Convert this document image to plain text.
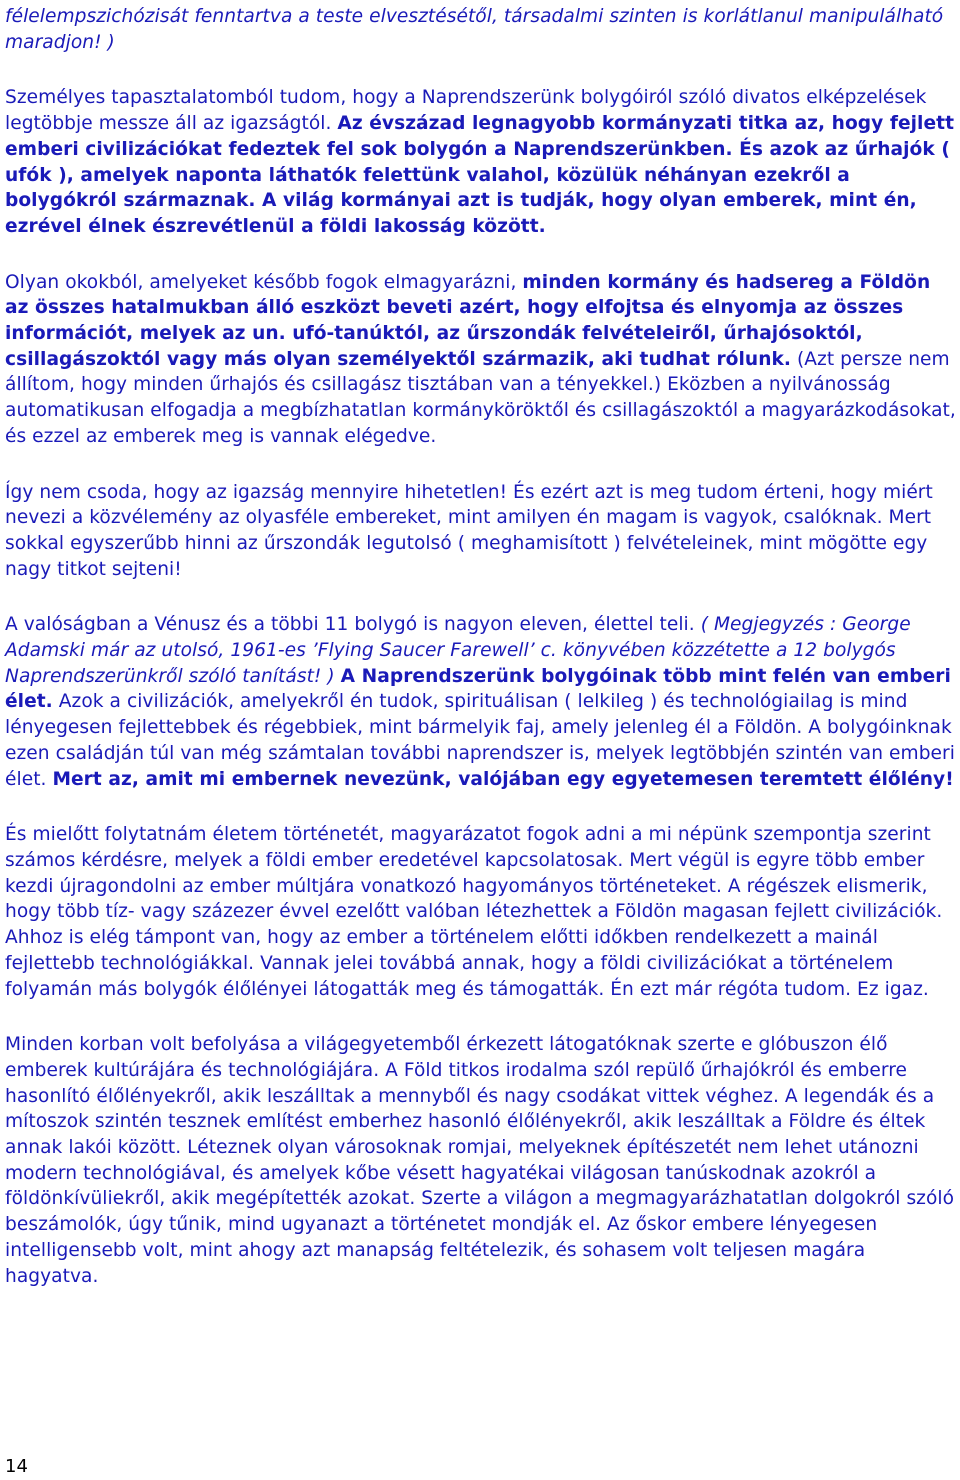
félelempszichózisát fenntartva a teste elvesztésétől, társadalmi szinten is korlátlanul manipulálható maradjon! )

Személyes tapasztalatomból tudom, hogy a Naprendszerünk bolygóiról szóló divatos elképzelések legtöbbje messze áll az igazságtól. Az évszázad legnagyobb kormányzati titka az, hogy fejlett emberi civilizációkat fedeztek fel sok bolygón a Naprendszerünkben. És azok az űrhajók ( ufók ), amelyek naponta láthatók felettünk valahol, közülük néhányan ezekről a bolygókról származnak. A világ kormányai azt is tudják, hogy olyan emberek, mint én, ezrével élnek észrevétlenül a földi lakosság között.

Olyan okokból, amelyeket később fogok elmagyarázni, minden kormány és hadsereg a Földön az összes hatalmukban álló eszközt beveti azért, hogy elfojtsa és elnyomja az összes információt, melyek az un. ufó-tanúktól, az űrszondák felvételeiről, űrhajósoktól, csillagászoktól vagy más olyan személyektől származik, aki tudhat rólunk. (Azt persze nem állítom, hogy minden űrhajós és csillagász tisztában van a tényekkel.) Eközben a nyilvánosság automatikusan elfogadja a megbízhatatlan kormányköröktől és csillagászoktól a magyarázkodásokat, és ezzel az emberek meg is vannak elégedve.

Így nem csoda, hogy az igazság mennyire hihetetlen! És ezért azt is meg tudom érteni, hogy miért nevezi a közvélemény az olyasféle embereket, mint amilyen én magam is vagyok, csalóknak. Mert sokkal egyszerűbb hinni az űrszondák legutolsó ( meghamisított ) felvételeinek, mint mögötte egy nagy titkot sejteni!

A valóságban a Vénusz és a többi 11 bolygó is nagyon eleven, élettel teli. ( Megjegyzés : George Adamski már az utolsó, 1961-es ’Flying Saucer Farewell’ c. könyvében közzétette a 12 bolygós Naprendszerünkről szóló tanítást! ) A Naprendszerünk bolygóinak több mint felén van emberi élet. Azok a civilizációk, amelyekről én tudok, spirituálisan ( lelkileg ) és technológiailag is mind lényegesen fejlettebbek és régebbiek, mint bármelyik faj, amely jelenleg él a Földön. A bolygóinknak ezen családján túl van még számtalan további naprendszer is, melyek legtöbbjén szintén van emberi élet. Mert az, amit mi embernek nevezünk, valójában egy egyetemesen teremtett élőlény!

És mielőtt folytatnám életem történetét, magyarázatot fogok adni a mi népünk szempontja szerint számos kérdésre, melyek a földi ember eredetével kapcsolatosak. Mert végül is egyre több ember kezdi újragondolni az ember múltjára vonatkozó hagyományos történeteket. A régészek elismerik, hogy több tíz- vagy százezer évvel ezelőtt valóban létezhettek a Földön magasan fejlett civilizációk. Ahhoz is elég támpont van, hogy az ember a történelem előtti időkben rendelkezett a mainál fejlettebb technológiákkal. Vannak jelei továbbá annak, hogy a földi civilizációkat a történelem folyamán más bolygók élőlényei látogatták meg és támogatták. Én ezt már régóta tudom. Ez igaz.

Minden korban volt befolyása a világegyetemből érkezett látogatóknak szerte e glóbuszon élő emberek kultúrájára és technológiájára. A Föld titkos irodalma szól repülő űrhajókról és emberre hasonlító élőlényekről, akik leszálltak a mennyből és nagy csodákat vittek véghez. A legendák és a mítoszok szintén tesznek említést emberhez hasonló élőlényekről, akik leszálltak a Földre és éltek annak lakói között. Léteznek olyan városoknak romjai, melyeknek építészetét nem lehet utánozni modern technológiával, és amelyek kőbe vésett hagyatékai világosan tanúskodnak azokról a földönkívüliekről, akik megépítették azokat. Szerte a világon a megmagyarázhatatlan dolgokról szóló beszámolók, úgy tűnik, mind ugyanazt a történetet mondják el. Az őskor embere lényegesen intelligensebb volt, mint ahogy azt manapság feltételezik, és sohasem volt teljesen magára hagyatva.

14
